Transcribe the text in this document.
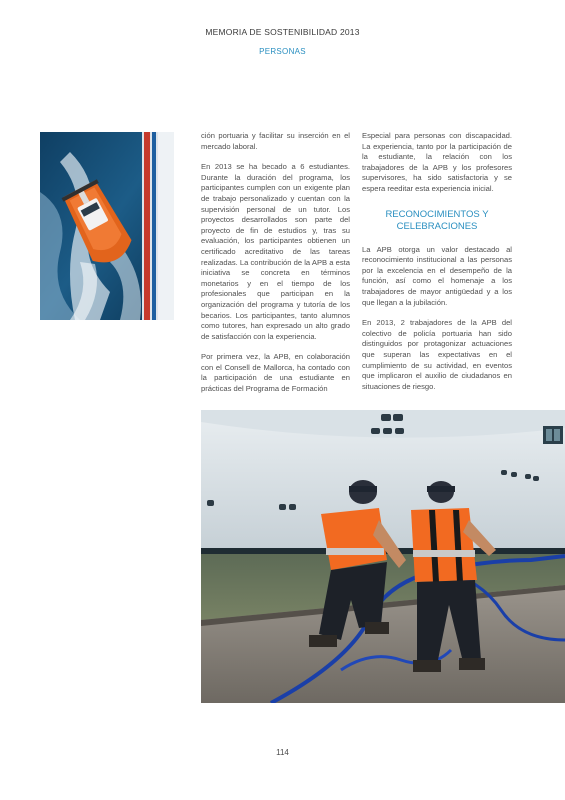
MEMORIA DE SOSTENIBILIDAD 2013
PERSONAS

ción portuaria y facilitar su inserción en el mercado laboral.

En 2013 se ha becado a 6 estudiantes. Durante la duración del programa, los participantes cumplen con un exigente plan de trabajo personalizado y cuentan con la supervisión personal de un tutor. Los proyectos desarrollados son parte del proyecto de fin de estudios y, tras su evaluación, los participantes obtienen un certificado acreditativo de las tareas realizadas. La contribución de la APB a esta iniciativa se concreta en términos monetarios y en el tiempo de los profesionales que participan en la organización del programa y tutoría de los becarios. Los participantes, tanto alumnos como tutores, han expresado un alto grado de satisfacción con la experiencia.

Por primera vez, la APB, en colaboración con el Consell de Mallorca, ha contado con la participación de una estudiante en prácticas del Programa de Formación

Especial para personas con discapacidad. La experiencia, tanto por la participación de la estudiante, la relación con los trabajadores de la APB y los profesores supervisores, ha sido satisfactoria y se espera reeditar esta experiencia inicial.

RECONOCIMIENTOS Y CELEBRACIONES

La APB otorga un valor destacado al reconocimiento institucional a las personas por la excelencia en el desempeño de la función, así como el homenaje a los trabajadores de mayor antigüedad y a los que llegan a la jubilación.

En 2013, 2 trabajadores de la APB del colectivo de policía portuaria han sido distinguidos por protagonizar actuaciones que superan las expectativas en el cumplimiento de su actividad, en eventos que implicaron el auxilio de ciudadanos en situaciones de riesgo.

114
